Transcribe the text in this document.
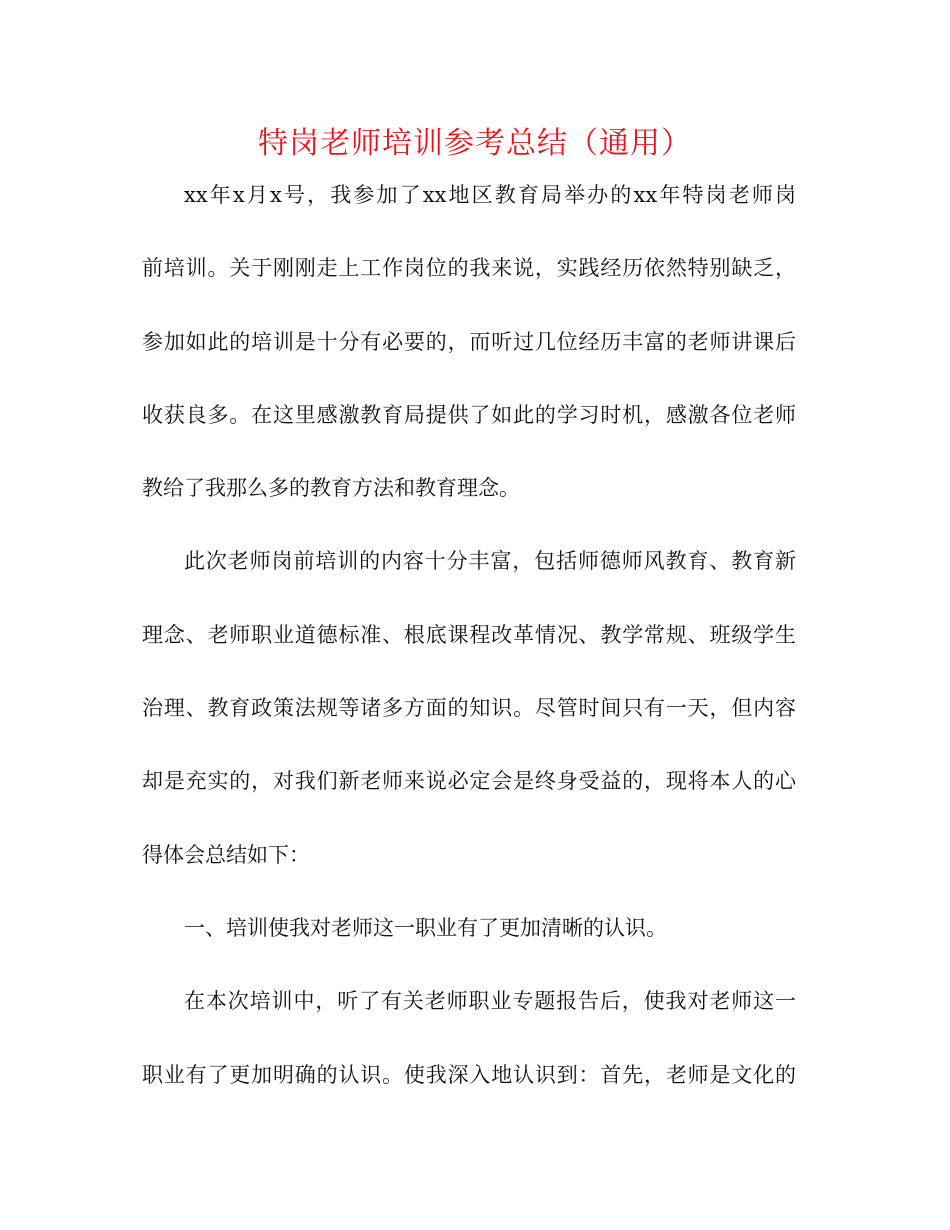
特岗老师培训参考总结（通用）
xx年x月x号，我参加了xx地区教育局举办的xx年特岗老师岗
前培训。关于刚刚走上工作岗位的我来说，实践经历依然特别缺乏，
参加如此的培训是十分有必要的，而听过几位经历丰富的老师讲课后
收获良多。在这里感激教育局提供了如此的学习时机，感激各位老师
教给了我那么多的教育方法和教育理念。
此次老师岗前培训的内容十分丰富，包括师德师风教育、教育新
理念、老师职业道德标准、根底课程改革情况、教学常规、班级学生
治理、教育政策法规等诸多方面的知识。尽管时间只有一天，但内容
却是充实的，对我们新老师来说必定会是终身受益的，现将本人的心
得体会总结如下：
一、培训使我对老师这一职业有了更加清晰的认识。
在本次培训中，听了有关老师职业专题报告后，使我对老师这一
职业有了更加明确的认识。使我深入地认识到：首先，老师是文化的
